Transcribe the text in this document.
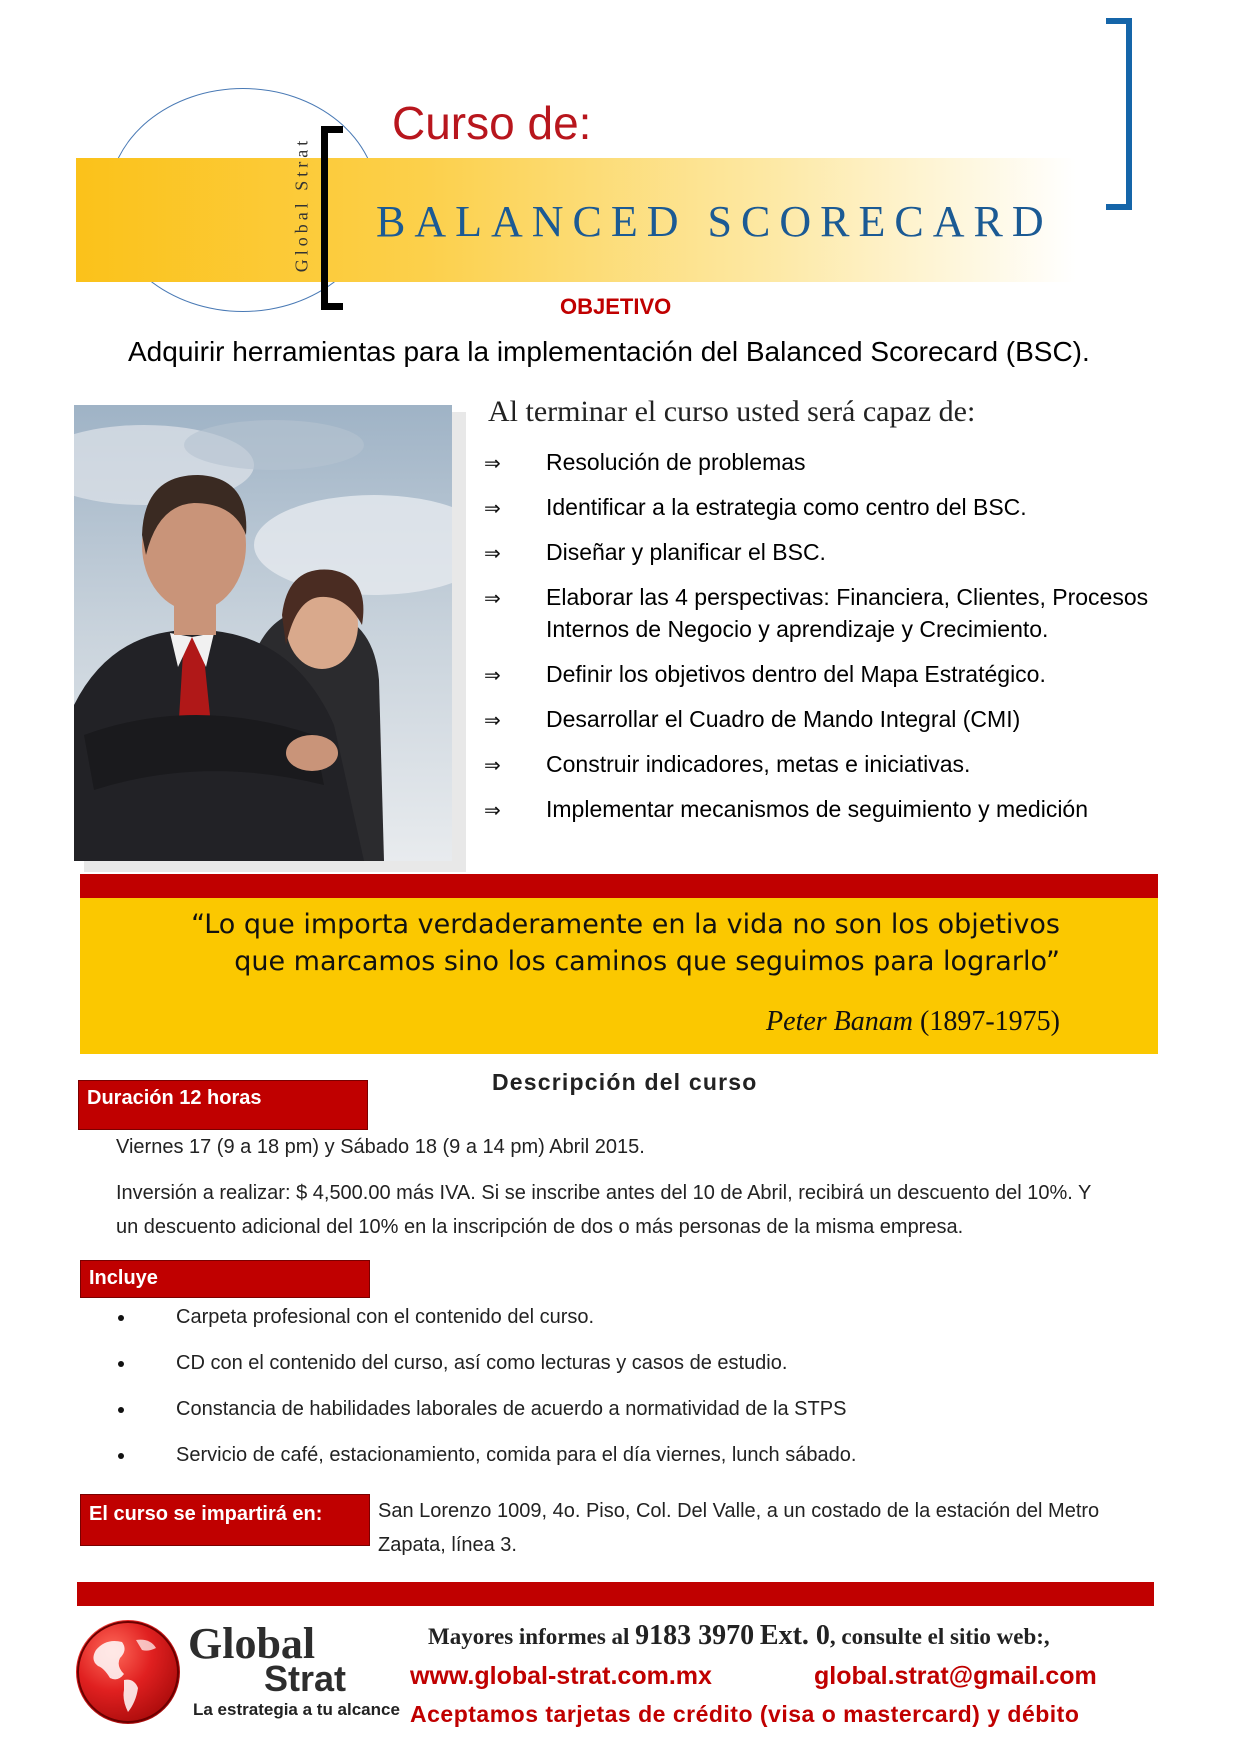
Global Strat
Curso de:
BALANCED SCORECARD
OBJETIVO
Adquirir herramientas para la implementación del Balanced Scorecard (BSC).
Al terminar el curso usted será capaz de:
⇒ Resolución de problemas
⇒ Identificar a la estrategia como centro del BSC.
⇒ Diseñar y planificar el BSC.
⇒ Elaborar las 4 perspectivas: Financiera, Clientes, Procesos Internos de Negocio y aprendizaje y Crecimiento.
⇒ Definir los objetivos dentro del Mapa Estratégico.
⇒ Desarrollar el Cuadro de Mando Integral (CMI)
⇒ Construir indicadores, metas e iniciativas.
⇒ Implementar mecanismos de seguimiento y medición
“Lo que importa verdaderamente en la vida no son los objetivos
que marcamos sino los caminos que seguimos para lograrlo”
Peter Banam (1897-1975)
Descripción del curso
Duración 12 horas
Viernes 17 (9 a 18 pm) y Sábado 18 (9 a 14 pm) Abril 2015.
Inversión a realizar: $ 4,500.00 más IVA. Si se inscribe antes del 10 de Abril, recibirá un descuento del 10%. Y
un descuento adicional del 10% en la inscripción de dos o más personas de la misma empresa.
Incluye
Carpeta profesional con el contenido del curso.
CD con el contenido del curso, así como lecturas y casos de estudio.
Constancia de habilidades laborales de acuerdo a normatividad de la STPS
Servicio de café, estacionamiento, comida para el día viernes, lunch sábado.
El curso se impartirá en:	San Lorenzo 1009, 4o. Piso, Col. Del Valle, a un costado de la estación del Metro
Zapata, línea 3.
Global
Strat
La estrategia a tu alcance
Mayores informes al 9183 3970 Ext. 0, consulte el sitio web:,
www.global-strat.com.mx	global.strat@gmail.com
Aceptamos tarjetas de crédito (visa o mastercard) y débito
